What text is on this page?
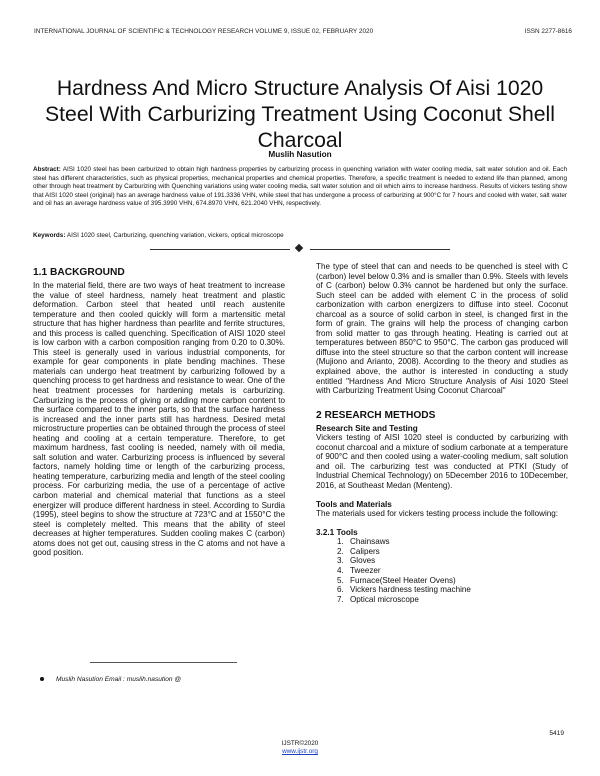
INTERNATIONAL JOURNAL OF SCIENTIFIC & TECHNOLOGY RESEARCH VOLUME 9, ISSUE 02, FEBRUARY 2020	ISSN 2277-8616
Hardness And Micro Structure Analysis Of Aisi 1020 Steel With Carburizing Treatment Using Coconut Shell Charcoal
Muslih Nasution
Abstract: AISI 1020 steel has been carburized to obtain high hardness properties by carburizing process in quenching variation with water cooling media, salt water solution and oil. Each steel has different characteristics, such as physical properties, mechanical properties and chemical properties. Therefore, a specific treatment is needed to extend life than planned, among other through heat treatment by Carburizing with Quenching variations using water cooling media, salt water solution and oil which aims to increase hardness. Results of vickers testing show that AISI 1020 steel (original) has an average hardness value of 191.3336 VHN, while steel that has undergone a process of carburizing at 900°C for 7 hours and cooled with water, salt water and oil has an average hardness value of 395.3990 VHN, 674.8970 VHN, 621.2040 VHN, respectively.
Keywords: AISI 1020 steel, Carburizing, quenching variation, vickers, optical microscope
1.1 BACKGROUND

In the material field, there are two ways of heat treatment to increase the value of steel hardness, namely heat treatment and plastic deformation. Carbon steel that heated until reach austenite temperature and then cooled quickly will form a martensitic metal structure that has higher hardness than pearlite and ferrite structures, and this process is called quenching. Specification of AISI 1020 steel is low carbon with a carbon composition ranging from 0.20 to 0.30%. This steel is generally used in various industrial components, for example for gear components in plate bending machines. These materials can undergo heat treatment by carburizing followed by a quenching process to get hardness and resistance to wear. One of the heat treatment processes for hardening metals is carburizing. Carburizing is the process of giving or adding more carbon content to the surface compared to the inner parts, so that the surface hardness is increased and the inner parts still has hardness. Desired metal microstructure properties can be obtained through the process of steel heating and cooling at a certain temperature. Therefore, to get maximum hardness, fast cooling is needed, namely with oil media, salt solution and water. Carburizing process is influenced by several factors, namely holding time or length of the carburizing process, heating temperature, carburizing media and length of the steel cooling process. For carburizing media, the use of a percentage of active carbon material and chemical material that functions as a steel energizer will produce different hardness in steel. According to Surdia (1995), steel begins to show the structure at 723°C and at 1550°C the steel is completely melted. This means that the ability of steel decreases at higher temperatures. Sudden cooling makes C (carbon) atoms does not get out, causing stress in the C atoms and not have a good position.

The type of steel that can and needs to be quenched is steel with C (carbon) level below 0.3% and is smaller than 0.9%. Steels with levels of C (carbon) below 0.3% cannot be hardened but only the surface. Such steel can be added with element C in the process of solid carbonization with carbon energizers to diffuse into steel. Coconut charcoal as a source of solid carbon in steel, is changed first in the form of grain. The grains will help the process of changing carbon from solid matter to gas through heating. Heating is carried out at temperatures between 850°C to 950°C. The carbon gas produced will diffuse into the steel structure so that the carbon content will increase (Mujiono and Arianto, 2008). According to the theory and studies as explained above, the author is interested in conducting a study entitled "Hardness And Micro Structure Analysis of Aisi 1020 Steel with Carburizing Treatment Using Coconut Charcoal"

2 RESEARCH METHODS
Research Site and Testing

Vickers testing of AISI 1020 steel is conducted by carburizing with coconut charcoal and a mixture of sodium carbonate at a temperature of 900°C and then cooled using a water-cooling medium, salt solution and oil. The carburizing test was conducted at PTKI (Study of Industrial Chemical Technology) on 5December 2016 to 10December, 2016, at Southeast Medan (Menteng).

Tools and Materials

The materials used for vickers testing process include the following:

3.2.1 Tools
1. Chainsaws
2. Calipers
3. Gloves
4. Tweezer
5. Furnace(Steel Heater Ovens)
6. Vickers hardness testing machine
7. Optical microscope
Muslih Nasution Email : muslih.nasution @
5419
IJSTR©2020
www.ijstr.org
